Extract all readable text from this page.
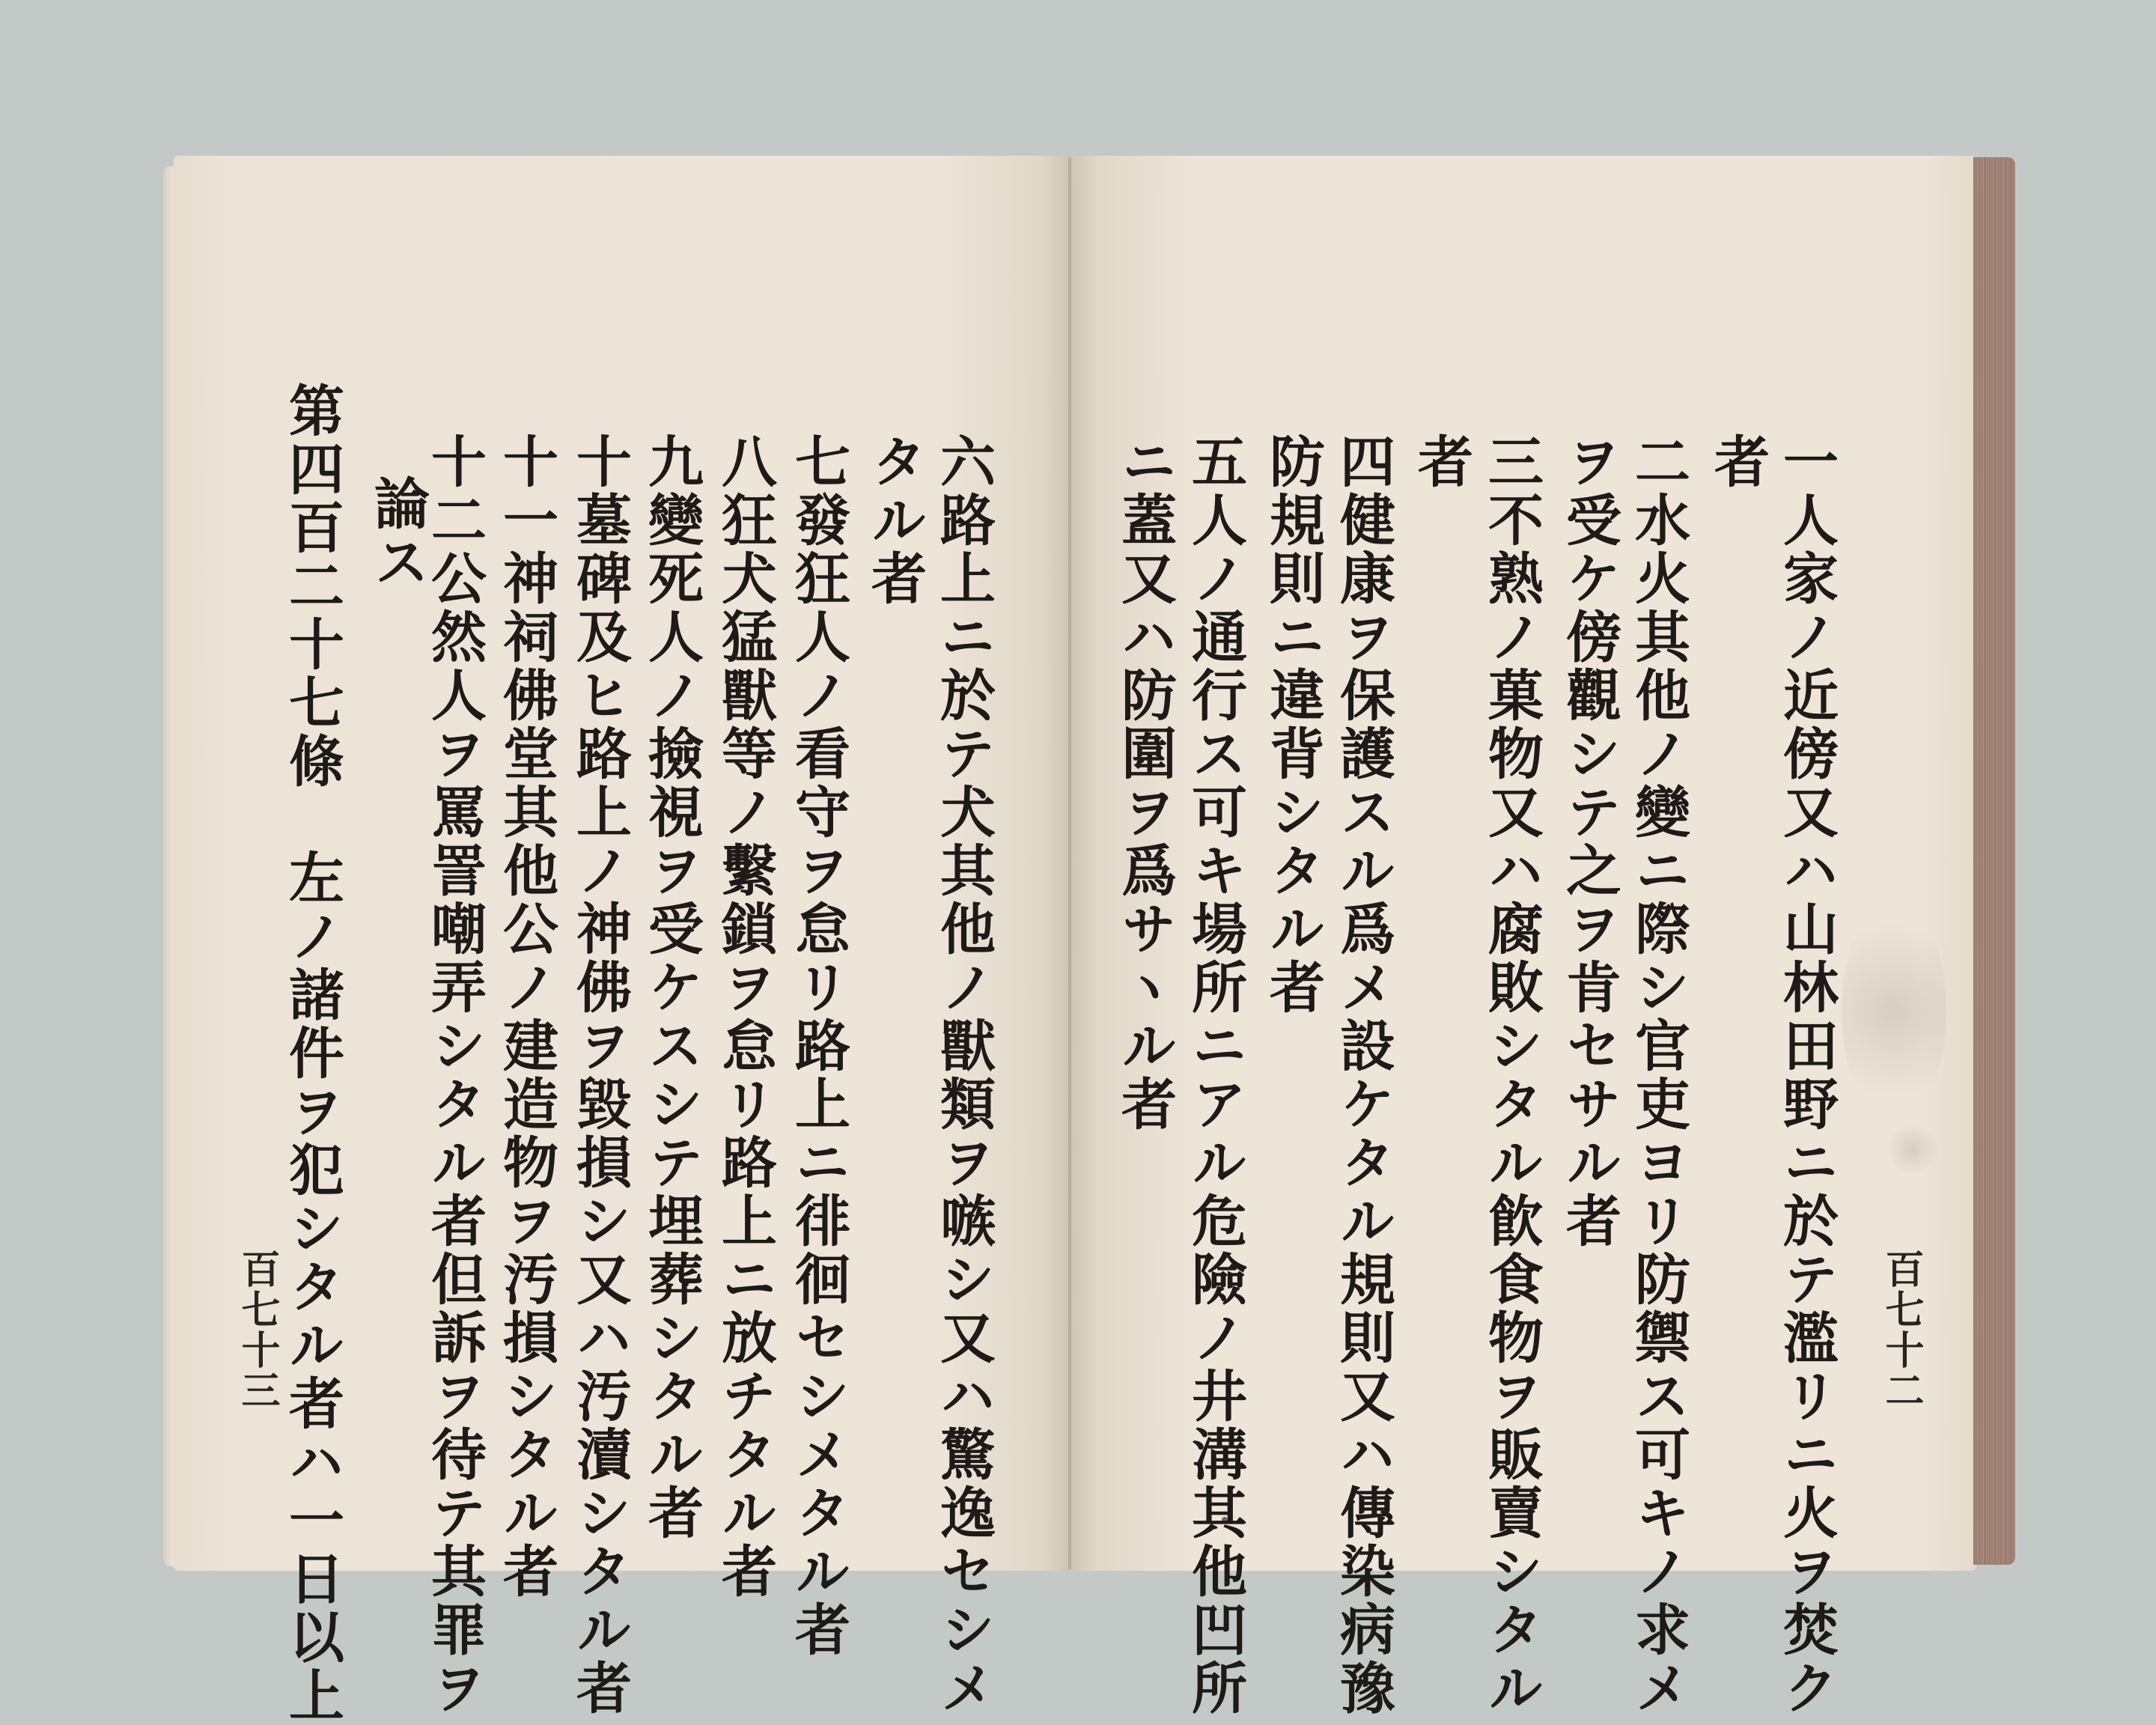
一人家ノ近傍又ハ山林田野ニ於テ濫リニ火ヲ焚ク
者
二水火其他ノ變ニ際シ官吏ヨリ防禦ス可キノ求メ
ヲ受ケ傍觀シテ之ヲ肯セサル者
三不熟ノ菓物又ハ腐敗シタル飮食物ヲ販賣シタル
者
四健康ヲ保護スル爲メ設ケタル規則又ハ傳染病豫
防規則ニ違背シタル者
五人ノ通行ス可キ場所ニアル危險ノ井溝其他凹所
ニ蓋又ハ防圍ヲ爲サヽル者
百七十二
六路上ニ於テ犬其他ノ獸類ヲ嗾シ又ハ驚逸セシメ
タル者
七發狂人ノ看守ヲ怠リ路上ニ徘徊セシメタル者
八狂犬猛獸等ノ繫鎖ヲ怠リ路上ニ放チタル者
九變死人ノ撿視ヲ受ケスシテ埋葬シタル者
十墓碑及ヒ路上ノ神佛ヲ毀損シ又ハ汚瀆シタル者
十一神祠佛堂其他公ノ建造物ヲ汚損シタル者
十二公然人ヲ罵詈嘲弄シタル者但訴ヲ待テ其罪ヲ
論ス
第四百二十七條　左ノ諸件ヲ犯シタル者ハ一日以上
百七十三
